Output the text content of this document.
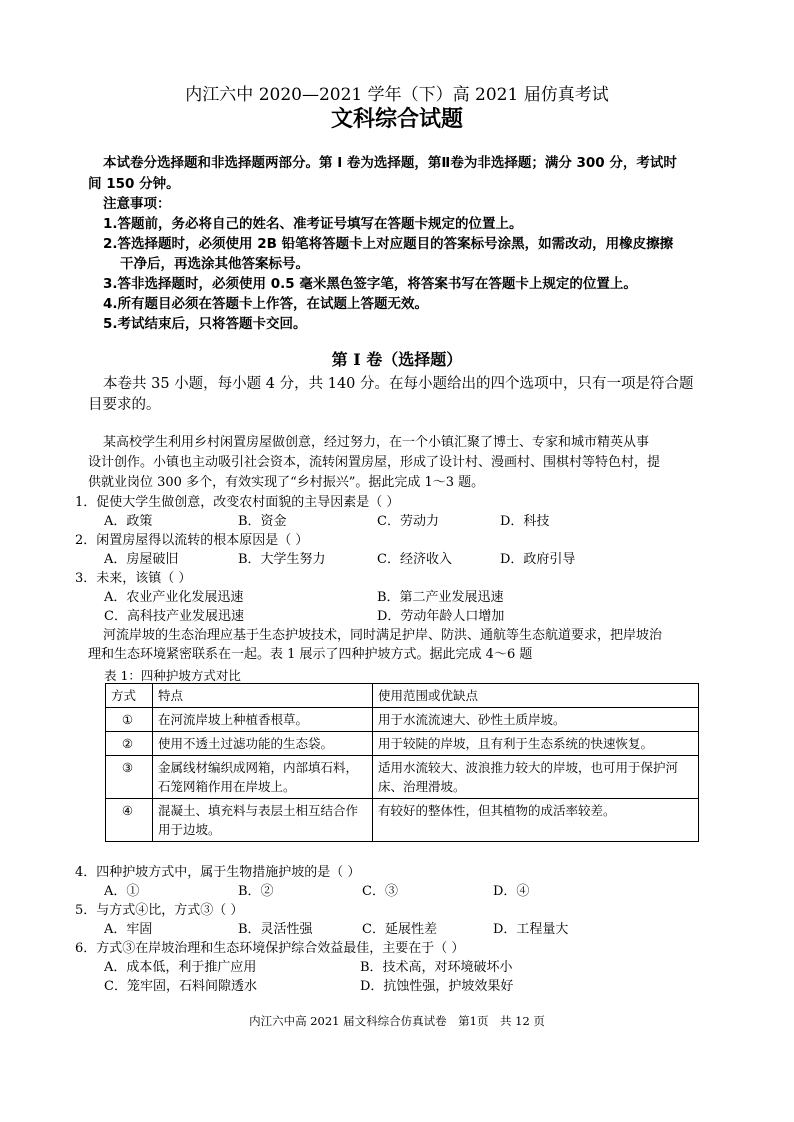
内江六中 2020—2021 学年（下）高 2021 届仿真考试
文科综合试题
本试卷分选择题和非选择题两部分。第 I 卷为选择题，第Ⅱ卷为非选择题；满分 300 分，考试时
间 150 分钟。
注意事项：
1.答题前，务必将自己的姓名、准考证号填写在答题卡规定的位置上。
2.答选择题时，必须使用 2B 铅笔将答题卡上对应题目的答案标号涂黑，如需改动，用橡皮擦擦
干净后，再选涂其他答案标号。
3.答非选择题时，必须使用 0.5 毫米黑色签字笔，将答案书写在答题卡上规定的位置上。
4.所有题目必须在答题卡上作答，在试题上答题无效。
5.考试结束后，只将答题卡交回。
第 I 卷（选择题）
本卷共 35 小题，每小题 4 分，共 140 分。在每小题给出的四个选项中，只有一项是符合题
目要求的。
某高校学生利用乡村闲置房屋做创意，经过努力，在一个小镇汇聚了博士、专家和城市精英从事
设计创作。小镇也主动吸引社会资本，流转闲置房屋，形成了设计村、漫画村、围棋村等特色村，提
供就业岗位 300 多个，有效实现了“乡村振兴”。据此完成 1～3 题。
1．促使大学生做创意，改变农村面貌的主导因素是（ ）
A．政策	B．资金	C．劳动力	D．科技
2．闲置房屋得以流转的根本原因是（ ）
A．房屋破旧	B．大学生努力	C．经济收入	D．政府引导
3．未来，该镇（ ）
A．农业产业化发展迅速	B．第二产业发展迅速
C．高科技产业发展迅速	D．劳动年龄人口增加
河流岸坡的生态治理应基于生态护坡技术，同时满足护岸、防洪、通航等生态航道要求，把岸坡治
理和生态环境紧密联系在一起。表 1 展示了四种护坡方式。据此完成 4～6 题
表 1：四种护坡方式对比
方式	特点	使用范围或优缺点
①	在河流岸坡上种植香根草。	用于水流流速大、砂性土质岸坡。
②	使用不透土过滤功能的生态袋。	用于较陡的岸坡，且有利于生态系统的快速恢复。
③	金属线材编织成网箱，内部填石料，石笼网箱作用在岸坡上。	适用水流较大、波浪推力较大的岸坡，也可用于保护河床、治理滑坡。
④	混凝土、填充料与表层土相互结合作用于边坡。	有较好的整体性，但其植物的成活率较差。
4．四种护坡方式中，属于生物措施护坡的是（ ）
A．①	B．②	C．③	D．④
5．与方式④比，方式③（ ）
A．牢固	B．灵活性强	C．延展性差	D．工程量大
6．方式③在岸坡治理和生态环境保护综合效益最佳，主要在于（ ）
A．成本低，利于推广应用	B．技术高，对环境破坏小
C．笼牢固，石料间隙透水	D．抗蚀性强，护坡效果好
内江六中高 2021 届文科综合仿真试卷　第1页　共 12 页
